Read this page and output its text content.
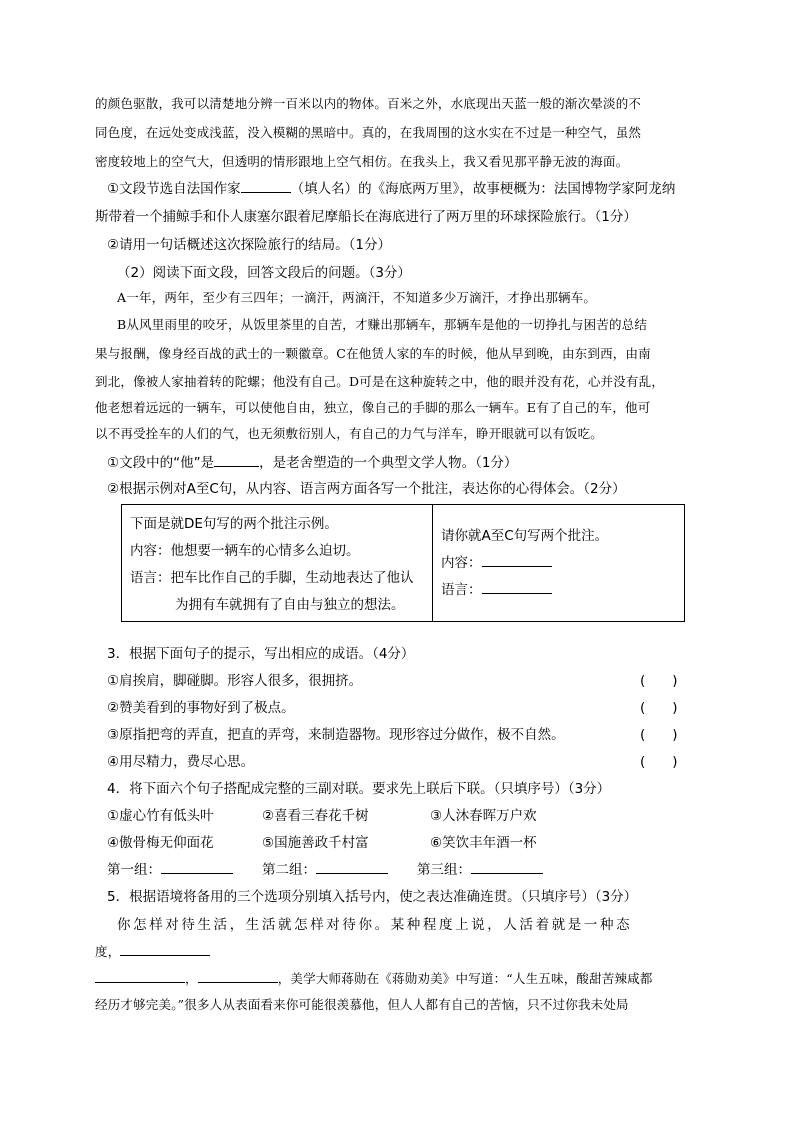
的颜色驱散，我可以清楚地分辨一百米以内的物体。百米之外，水底现出天蓝一般的渐次晕淡的不
同色度，在远处变成浅蓝，没入模糊的黑暗中。真的，在我周围的这水实在不过是一种空气，虽然
密度较地上的空气大，但透明的情形跟地上空气相仿。在我头上，我又看见那平静无波的海面。
①文段节选自法国作家	（填人名）的《海底两万里》，故事梗概为：法国博物学家阿龙纳
斯带着一个捕鲸手和仆人康塞尔跟着尼摩船长在海底进行了两万里的环球探险旅行。（1分）
②请用一句话概述这次探险旅行的结局。（1分）
（2）阅读下面文段，回答文段后的问题。（3分）
A一年，两年，至少有三四年；一滴汗，两滴汗，不知道多少万滴汗，才挣出那辆车。
B从风里雨里的咬牙，从饭里茶里的自苦，才赚出那辆车，那辆车是他的一切挣扎与困苦的总结
果与报酬，像身经百战的武士的一颗徽章。C在他赁人家的车的时候，他从早到晚，由东到西，由南
到北，像被人家抽着转的陀螺；他没有自己。D可是在这种旋转之中，他的眼并没有花，心并没有乱，
他老想着远远的一辆车，可以使他自由，独立，像自己的手脚的那么一辆车。E有了自己的车，他可
以不再受拴车的人们的气，也无须敷衍别人，有自己的力气与洋车，睁开眼就可以有饭吃。
①文段中的“他”是	，是老舍塑造的一个典型文学人物。（1分）
②根据示例对A至C句，从内容、语言两方面各写一个批注，表达你的心得体会。（2分）
下面是就DE句写的两个批注示例。
内容：他想要一辆车的心情多么迫切。
语言：把车比作自己的手脚，生动地表达了他认
为拥有车就拥有了自由与独立的想法。

请你就A至C句写两个批注。
内容：
语言：
3．根据下面句子的提示，写出相应的成语。（4分）
①肩挨肩，脚碰脚。形容人很多，很拥挤。	(　　)
②赞美看到的事物好到了极点。	(　　)
③原指把弯的弄直，把直的弄弯，来制造器物。现形容过分做作，极不自然。	(　　)
④用尽精力，费尽心思。	(　　)
4．将下面六个句子搭配成完整的三副对联。要求先上联后下联。（只填序号）（3分）
①虚心竹有低头叶	②喜看三春花千树	③人沐春晖万户欢
④傲骨梅无仰面花	⑤国施善政千村富	⑥笑饮丰年酒一杯
第一组：	第二组：	第三组：
5．根据语境将备用的三个选项分别填入括号内，使之表达准确连贯。（只填序号）（3分）
你怎样对待生活，生活就怎样对待你。某种程度上说，人活着就是一种态
度，
，	，美学大师蒋勋在《蒋勋劝美》中写道：“人生五味，酸甜苦辣咸都
经历才够完美。”很多人从表面看来你可能很羡慕他，但人人都有自己的苦恼，只不过你我未处局
